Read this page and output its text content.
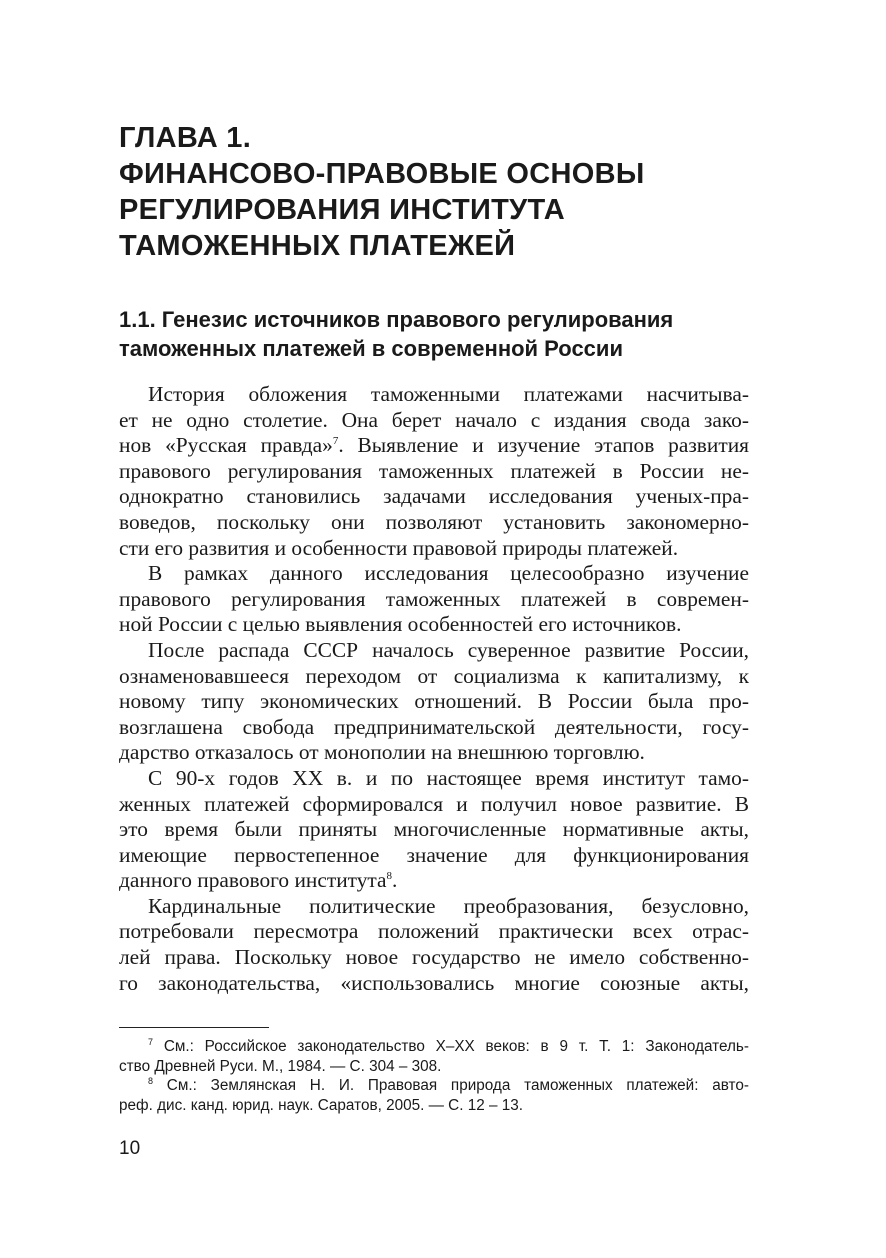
ГЛАВА 1.
ФИНАНСОВО-ПРАВОВЫЕ ОСНОВЫ
РЕГУЛИРОВАНИЯ ИНСТИТУТА
ТАМОЖЕННЫХ ПЛАТЕЖЕЙ
1.1. Генезис источников правового регулирования
таможенных платежей в современной России
История обложения таможенными платежами насчитыва-
ет не одно столетие. Она берет начало с издания свода зако-
нов «Русская правда»$^7$. Выявление и изучение этапов развития
правового регулирования таможенных платежей в России не-
однократно становились задачами исследования ученых-пра-
воведов, поскольку они позволяют установить закономерно-
сти его развития и особенности правовой природы платежей.
В рамках данного исследования целесообразно изучение
правового регулирования таможенных платежей в современ-
ной России с целью выявления особенностей его источников.
После распада СССР началось суверенное развитие России,
ознаменовавшееся переходом от социализма к капитализму, к
новому типу экономических отношений. В России была про-
возглашена свобода предпринимательской деятельности, госу-
дарство отказалось от монополии на внешнюю торговлю.
С 90-х годов XX в. и по настоящее время институт тамо-
женных платежей сформировался и получил новое развитие. В
это время были приняты многочисленные нормативные акты,
имеющие первостепенное значение для функционирования
данного правового института$^8$.
Кардинальные политические преобразования, безусловно,
потребовали пересмотра положений практически всех отрас-
лей права. Поскольку новое государство не имело собственно-
го законодательства, «использовались многие союзные акты,
$^7$ См.: Российское законодательство X–XX веков: в 9 т. Т. 1: Законодатель-
ство Древней Руси. М., 1984. — С. 304 – 308.
$^8$ См.: Землянская Н. И. Правовая природа таможенных платежей: авто-
реф. дис. канд. юрид. наук. Саратов, 2005. — С. 12 – 13.
10
